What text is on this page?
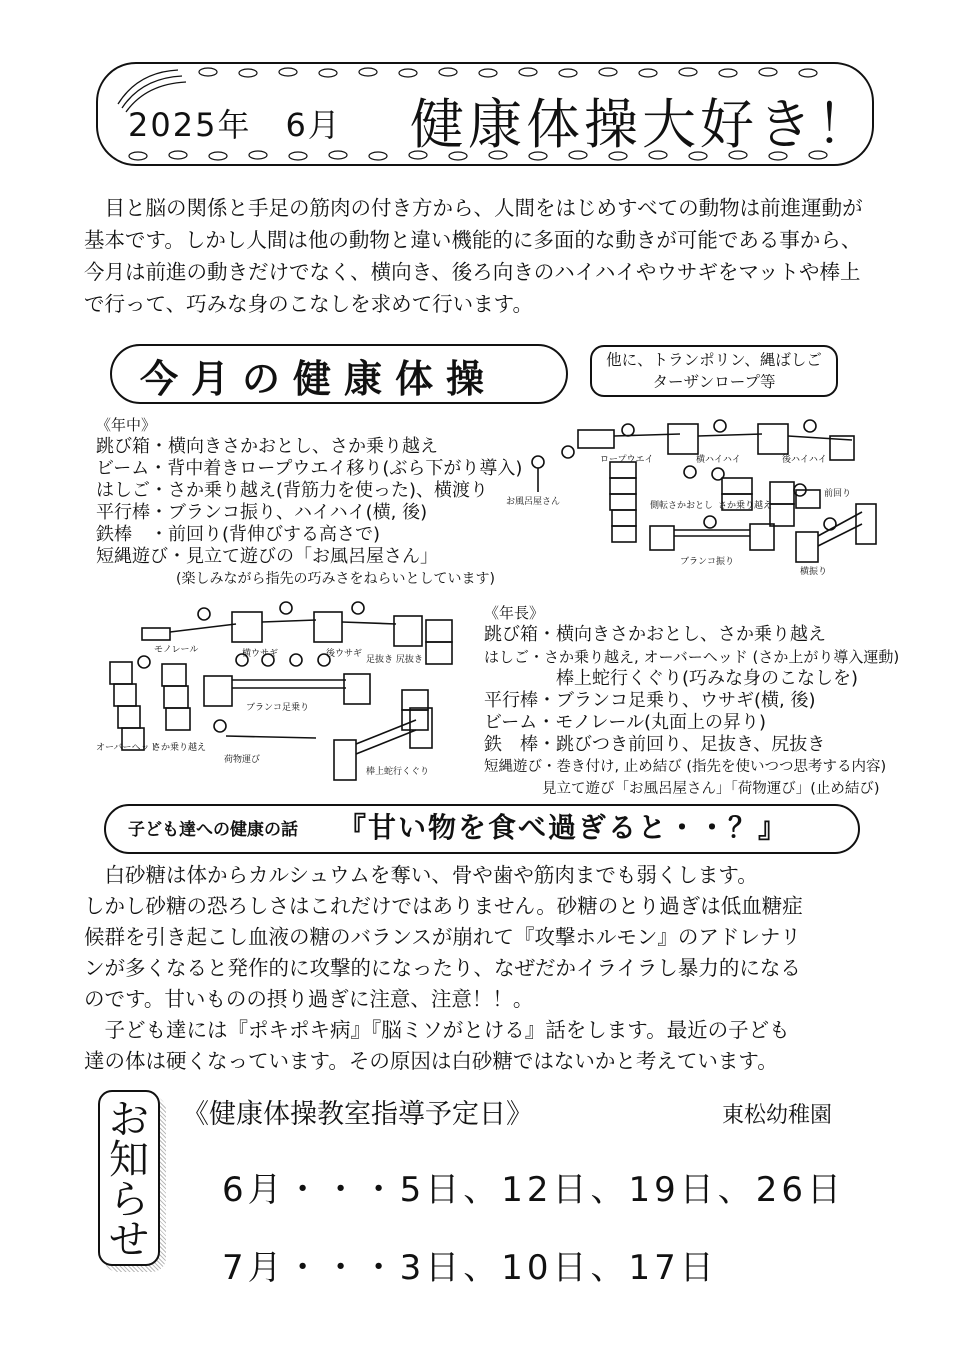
2025年　6月 健康体操大好き！

目と脳の関係と手足の筋肉の付き方から、人間をはじめすべての動物は前進運動が

基本です。しかし人間は他の動物と違い機能的に多面的な動きが可能である事から、
今月は前進の動きだけでなく、横向き、後ろ向きのハイハイやウサギをマットや棒上
で行って、巧みな身のこなしを求めて行います。
今月の健康体操	他に、トランポリン、縄ばしご
ターザンロープ等
《年中》
跳び箱・横向きさかおとし、さか乗り越え
ビーム・背中着きロープウエイ移り(ぶら下がり導入)
はしご・さか乗り越え(背筋力を使った)、横渡り
平行棒・ブランコ振り、ハイハイ(横, 後)
鉄棒　・前回り(背伸びする高さで)
短縄遊び・見立て遊びの「お風呂屋さん」
(楽しみながら指先の巧みさをねらいとしています)
ロープウエイ	横ハイハイ	後ハイハイ
お風呂屋さん	側転さかおとし さか乗り越え
前回り
ブランコ振り
横振り
モノレール	横ウサギ	後ウサギ
足抜き 尻抜き
ブランコ足乗り
オーバーヘッド
さか乗り越え
荷物運び
棒上蛇行くぐり
《年長》
跳び箱・横向きさかおとし、さか乗り越え
はしご・さか乗り越え, オーバーヘッド (さか上がり導入運動)
　　　　棒上蛇行くぐり(巧みな身のこなしを)
平行棒・ブランコ足乗り、ウサギ(横, 後)
ビーム・モノレール(丸面上の昇り)
鉄　棒・跳びつき前回り、足抜き、尻抜き
短縄遊び・巻き付け, 止め結び (指先を使いつつ思考する内容)
　　　　見立て遊び「お風呂屋さん」「荷物運び」(止め結び)
子ども達への健康の話 『甘い物を食べ過ぎると・・？』

　白砂糖は体からカルシュウムを奪い、骨や歯や筋肉までも弱くします。

しかし砂糖の恐ろしさはこれだけではありません。砂糖のとり過ぎは低血糖症

候群を引き起こし血液の糖のバランスが崩れて『攻撃ホルモン』のアドレナリ

ンが多くなると発作的に攻撃的になったり、なぜだかイライラし暴力的になる

のです。甘いものの摂り過ぎに注意、注意！！。

　子ども達には『ポキポキ病』『脳ミソがとける』話をします。最近の子ども

達の体は硬くなっています。その原因は白砂糖ではないかと考えています。

お
知
ら
せ
《健康体操教室指導予定日》	東松幼稚園
6月・・・5日、12日、19日、26日
7月・・・3日、10日、17日
